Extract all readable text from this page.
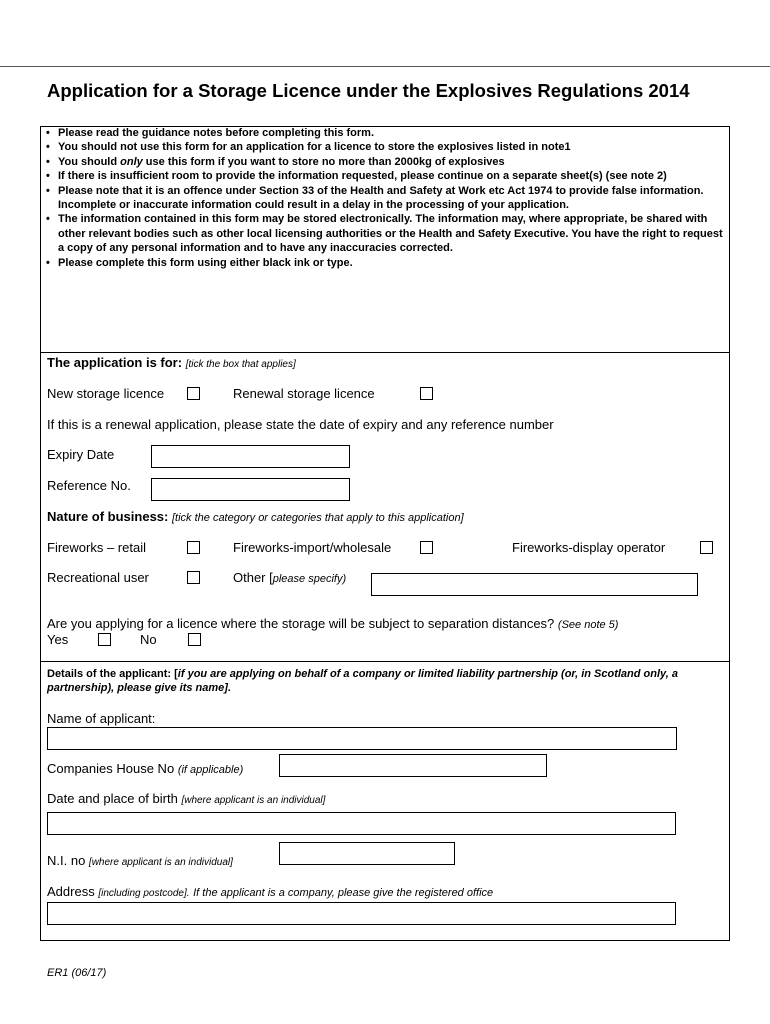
Application for a Storage Licence under the Explosives Regulations 2014
• Please read the guidance notes before completing this form.
• You should not use this form for an application for a licence to store the explosives listed in note1
• You should only use this form if you want to store no more than 2000kg of explosives
• If there is insufficient room to provide the information requested, please continue on a separate sheet(s) (see note 2)
• Please note that it is an offence under Section 33 of the Health and Safety at Work etc Act 1974 to provide false information. Incomplete or inaccurate information could result in a delay in the processing of your application.
• The information contained in this form may be stored electronically. The information may, where appropriate, be shared with other relevant bodies such as other local licensing authorities or the Health and Safety Executive. You have the right to request a copy of any personal information and to have any inaccuracies corrected.
• Please complete this form using either black ink or type.
The application is for: [tick the box that applies]
New storage licence	Renewal storage licence
If this is a renewal application, please state the date of expiry and any reference number
Expiry Date
Reference No.
Nature of business: [tick the category or categories that apply to this application]
Fireworks – retail	Fireworks-import/wholesale	Fireworks-display operator
Recreational user	Other [please specify)
Are you applying for a licence where the storage will be subject to separation distances? (See note 5)
Yes	No
Details of the applicant: [if you are applying on behalf of a company or limited liability partnership (or, in Scotland only, a partnership), please give its name].
Name of applicant:
Companies House No (if applicable)
Date and place of birth [where applicant is an individual]
N.I. no [where applicant is an individual]
Address [including postcode]. If the applicant is a company, please give the registered office
ER1 (06/17)
